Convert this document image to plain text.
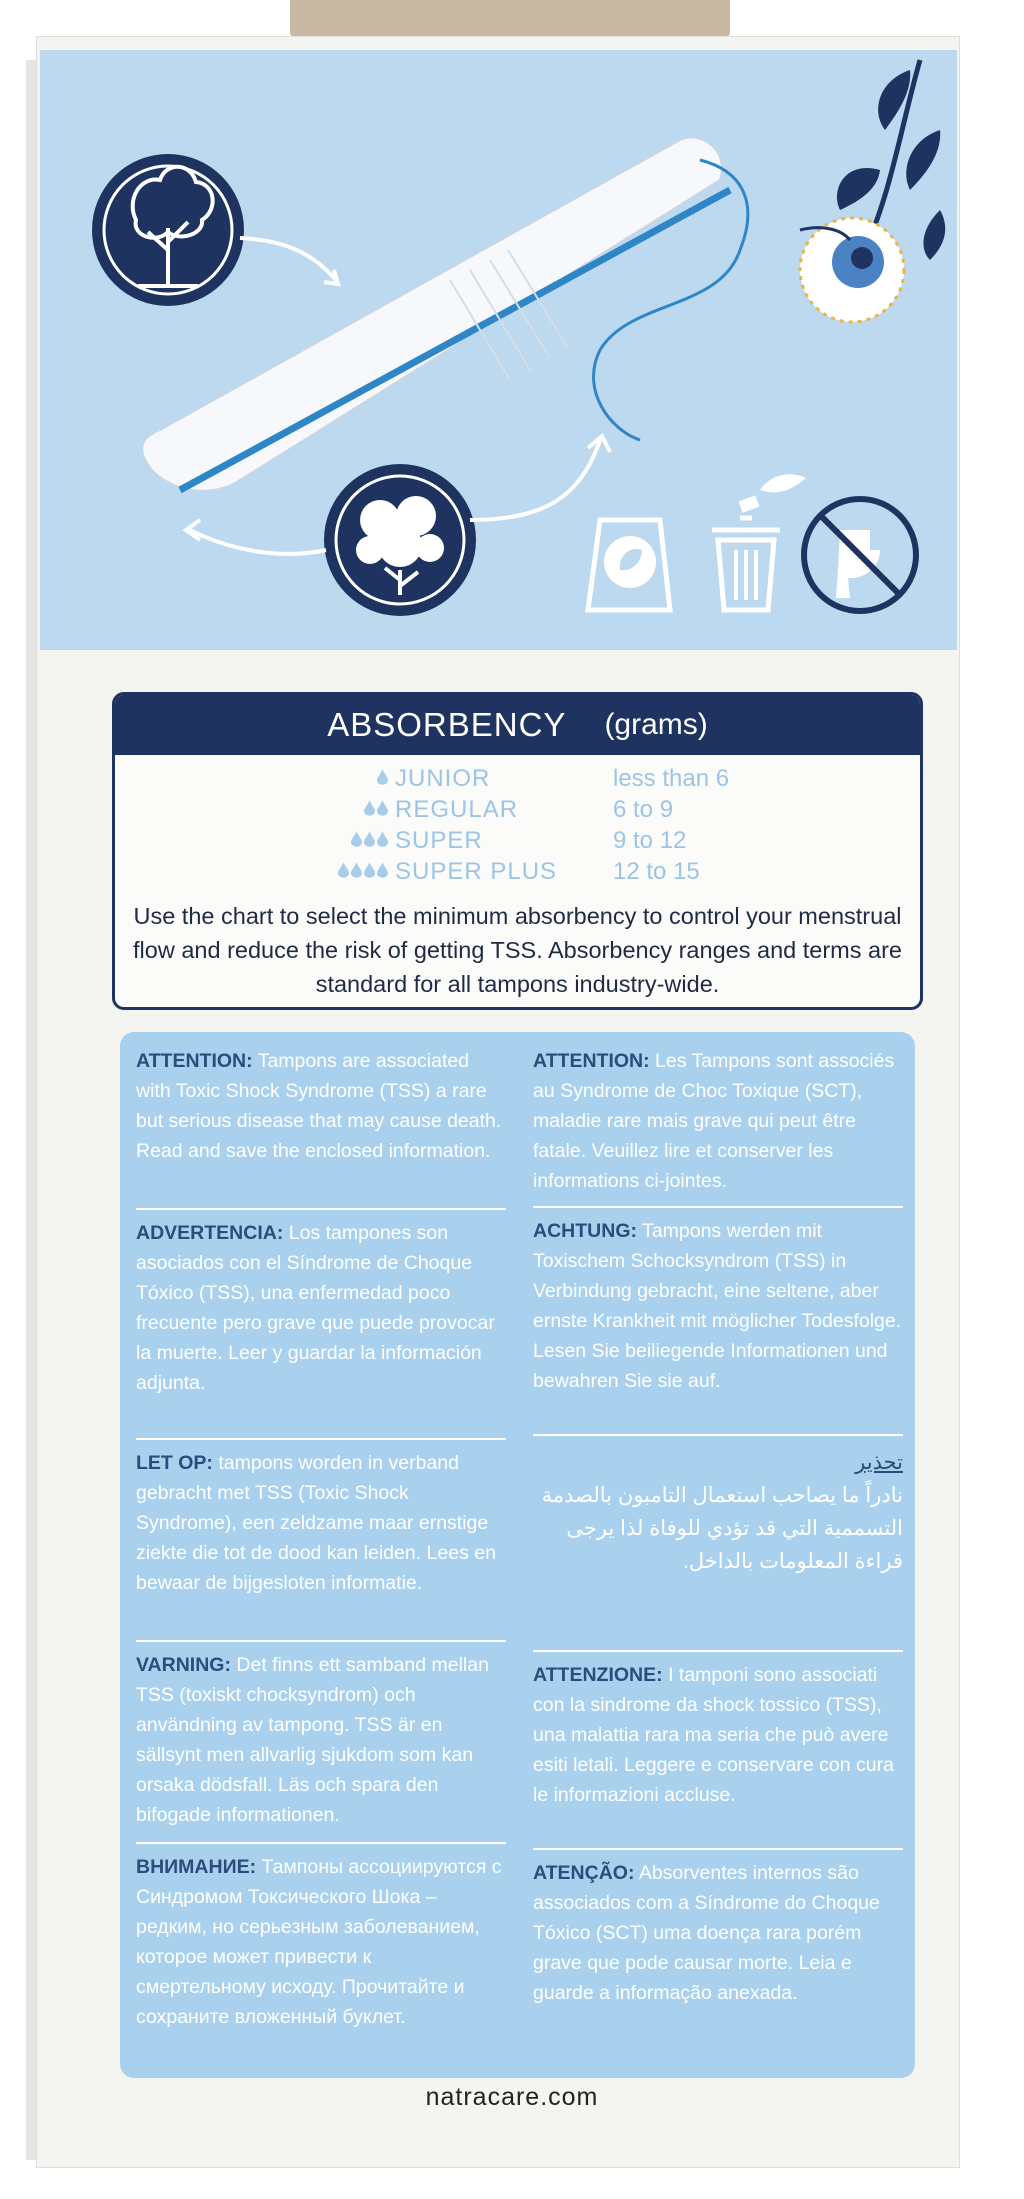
ABSORBENCY (grams)
JUNIOR	less than 6
REGULAR	6 to 9
SUPER	9 to 12
SUPER PLUS 12 to 15
Use the chart to select the minimum absorbency to control your menstrual flow and reduce the risk of getting TSS. Absorbency ranges and terms are standard for all tampons industry-wide.
ATTENTION: Tampons are associated with Toxic Shock Syndrome (TSS) a rare but serious disease that may cause death. Read and save the enclosed information.
ADVERTENCIA: Los tampones son asociados con el Síndrome de Choque Tóxico (TSS), una enfermedad poco frecuente pero grave que puede provocar la muerte. Leer y guardar la información adjunta.
LET OP: tampons worden in verband gebracht met TSS (Toxic Shock Syndrome), een zeldzame maar ernstige ziekte die tot de dood kan leiden. Lees en bewaar de bijgesloten informatie.
VARNING: Det finns ett samband mellan TSS (toxiskt chocksyndrom) och användning av tampong. TSS är en sällsynt men allvarlig sjukdom som kan orsaka dödsfall. Läs och spara den bifogade informationen.
ВНИМАНИЕ: Тампоны ассоциируются с Синдромом Токсического Шока – редким, но серьезным заболеванием, которое может привести к смертельному исходу. Прочитайте и сохраните вложенный буклет.
ATTENTION: Les Tampons sont associés au Syndrome de Choc Toxique (SCT), maladie rare mais grave qui peut être fatale. Veuillez lire et conserver les informations ci-jointes.
ACHTUNG: Tampons werden mit Toxischem Schocksyndrom (TSS) in Verbindung gebracht, eine seltene, aber ernste Krankheit mit möglicher Todesfolge. Lesen Sie beiliegende Informationen und bewahren Sie sie auf.
تحذير
نادراً ما يصاحب استعمال التامبون بالصدمة التسممية التي قد تؤدي للوفاة لذا يرجى قراءة المعلومات بالداخل.
ATTENZIONE: I tamponi sono associati con la sindrome da shock tossico (TSS), una malattia rara ma seria che può avere esiti letali. Leggere e conservare con cura le informazioni accluse.
ATENÇÃO: Absorventes internos são associados com a Síndrome do Choque Tóxico (SCT) uma doença rara porém grave que pode causar morte. Leia e guarde a informação anexada.
natracare.com
